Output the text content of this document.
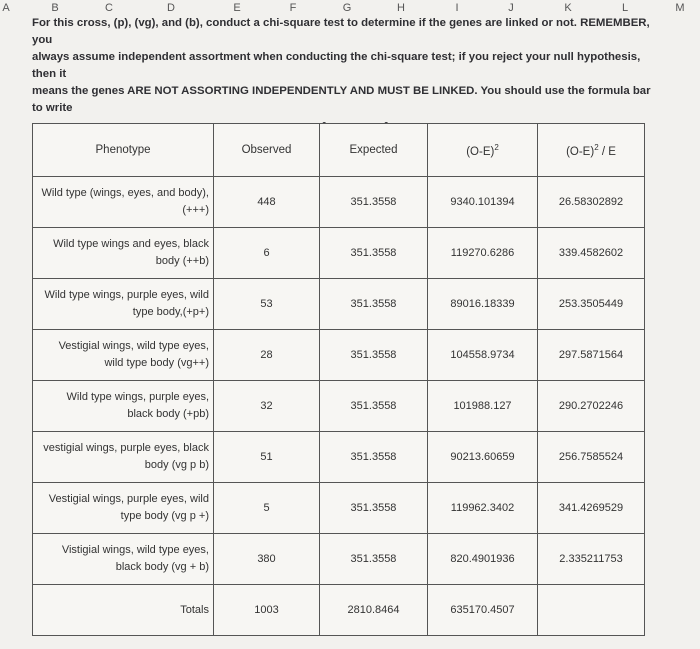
A	B	C	D	E	F	G	H	I	J	K	L	M
For this cross, (p), (vg), and (b), conduct a chi-square test to determine if the genes are linked or not. REMEMBER, you
always assume independent assortment when conducting the chi-square test; if you reject your null hypothesis, then it
means the genes ARE NOT ASSORTING INDEPENDENTLY AND MUST BE LINKED. You should use the formula bar to write
Phenotype	Observed	Expected	$(O-E)^2$	$(O-E)^2$ / E

Wild type (wings, eyes, and body),
(+++)	448	351.3558	9340.101394	26.58302892

Wild type wings and eyes, black
body (++b)	6	351.3558	119270.6286	339.4582602

Wild type wings, purple eyes, wild
type body,(+p+)	53	351.3558	89016.18339	253.3505449

Vestigial wings, wild type eyes,
wild type body (vg++)	28	351.3558	104558.9734	297.5871564

Wild type wings, purple eyes,
black body (+pb)	32	351.3558	101988.127	290.2702246

vestigial wings, purple eyes, black
body (vg p b)	51	351.3558	90213.60659	256.7585524

Vestigial wings, purple eyes, wild
type body (vg p +)	5	351.3558	119962.3402	341.4269529

Vistigial wings, wild type eyes,
black body (vg + b)	380	351.3558	820.4901936	2.335211753
Totals	1003	2810.8464	635170.4507	
